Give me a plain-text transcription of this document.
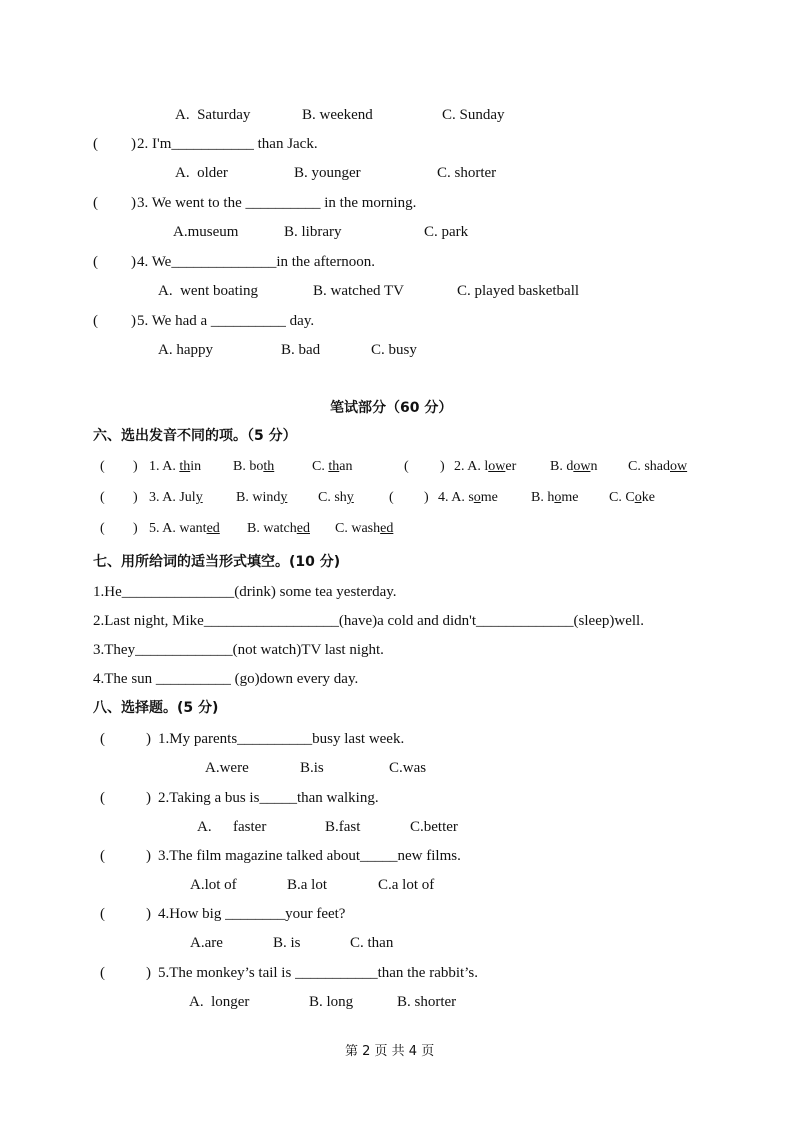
A.  Saturday	B. weekend	C. Sunday
( ) 2. I'm___________ than Jack.
A.  older	B. younger	C. shorter
( ) 3. We went to the __________ in the morning.
A.museum	B. library	C. park
( ) 4. We______________in the afternoon.
A.  went boating	B. watched TV	C. played basketball
( ) 5. We had a __________ day.
A. happy	B. bad	C. busy
笔试部分（60 分）
六、选出发音不同的项。（5 分）
( ) 1. A. thin B. both	C. than	( ) 2. A. lower B. down C. shadow
( ) 3. A. July B. windy C. shy	( ) 4. A. some B. home C. Coke
( ) 5. A. wanted B. watched C. washed
七、用所给词的适当形式填空。(10 分)
1.He_______________(drink) some tea yesterday.
2.Last night, Mike__________________(have)a cold and didn't_____________(sleep)well.
3.They_____________(not watch)TV last night.
4.The sun __________ (go)down every day.
八、选择题。(5 分)
(	) 1.My parents__________busy last week.
A.were	B.is	C.was
(	) 2.Taking a bus is_____than walking.
A. faster	B.fast	C.better
(	) 3.The film magazine talked about_____new films.
A.lot of	B.a lot	C.a lot of
(	) 4.How big ________your feet?
A.are	B. is	C. than
(	) 5.The monkey’s tail is ___________than the rabbit’s.
A.  longer	B. long	B. shorter
第 2 页 共 4 页
